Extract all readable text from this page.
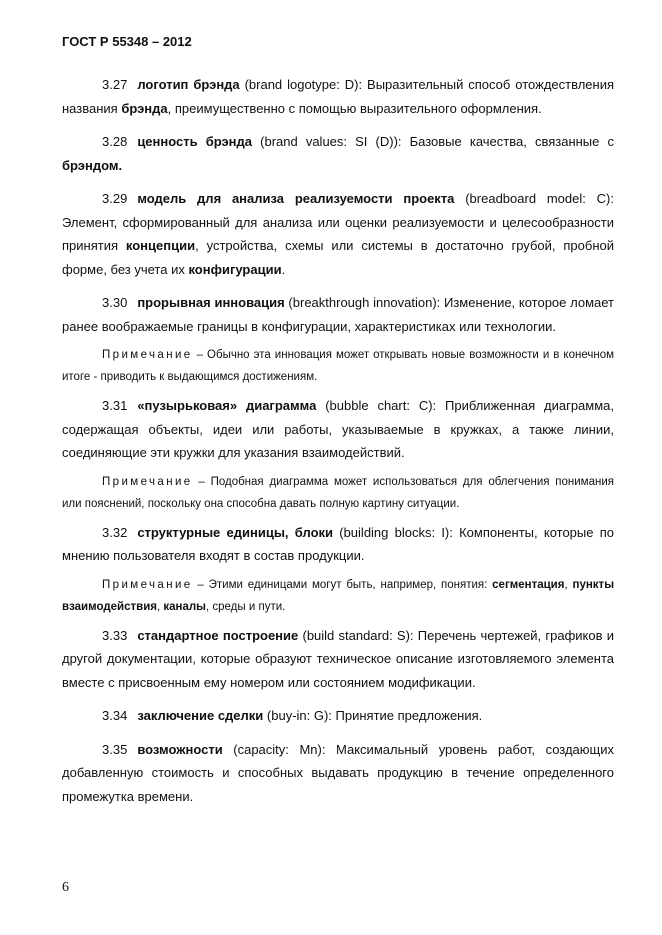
ГОСТ Р 55348 – 2012

3.27 логотип брэнда (brand logotype: D): Выразительный способ отождествления названия брэнда, преимущественно с помощью выразительного оформления.

3.28 ценность брэнда (brand values: SI (D)): Базовые качества, связанные с брэндом.

3.29 модель для анализа реализуемости проекта (breadboard model: C): Элемент, сформированный для анализа или оценки реализуемости и целесообразности принятия концепции, устройства, схемы или системы в достаточно грубой, пробной форме, без учета их конфигурации.

3.30 прорывная инновация (breakthrough innovation): Изменение, которое ломает ранее воображаемые границы в конфигурации, характеристиках или технологии.

Примечание – Обычно эта инновация может открывать новые возможности и в конечном итоге - приводить к выдающимся достижениям.

3.31 «пузырьковая» диаграмма (bubble chart: C): Приближенная диаграмма, содержащая объекты, идеи или работы, указываемые в кружках, а также линии, соединяющие эти кружки для указания взаимодействий.

Примечание – Подобная диаграмма может использоваться для облегчения понимания или пояснений, поскольку она способна давать полную картину ситуации.

3.32 структурные единицы, блоки (building blocks: I): Компоненты, которые по мнению пользователя входят в состав продукции.

Примечание – Этими единицами могут быть, например, понятия: сегментация, пункты взаимодействия, каналы, среды и пути.

3.33 стандартное построение (build standard: S): Перечень чертежей, графиков и другой документации, которые образуют техническое описание изготовляемого элемента вместе с присвоенным ему номером или состоянием модификации.

3.34 заключение сделки (buy-in: G): Принятие предложения.

3.35 возможности (capacity: Mn): Максимальный уровень работ, создающих добавленную стоимость и способных выдавать продукцию в течение определенного промежутка времени.

6
